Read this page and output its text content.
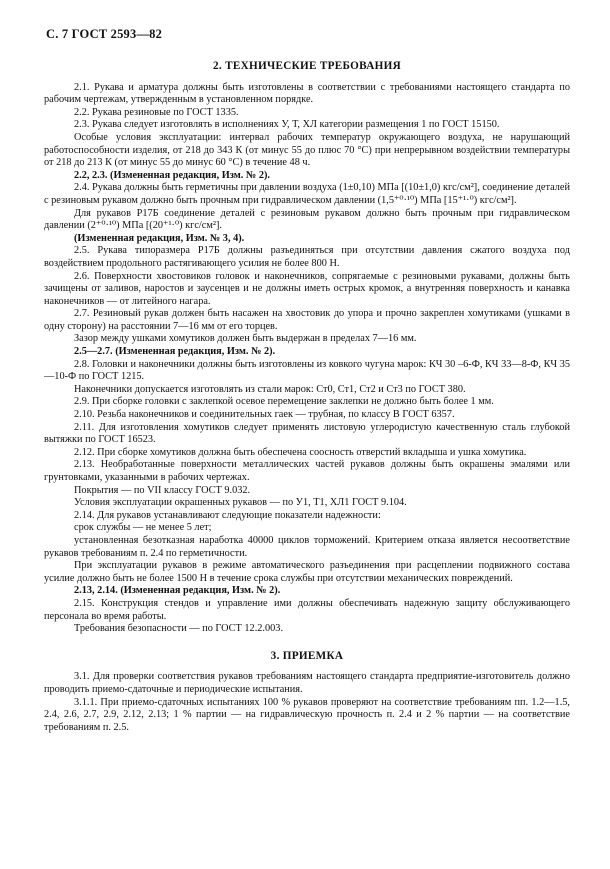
С. 7 ГОСТ 2593—82
2. ТЕХНИЧЕСКИЕ ТРЕБОВАНИЯ

2.1. Рукава и арматура должны быть изготовлены в соответствии с требованиями настоящего стандарта по рабочим чертежам, утвержденным в установленном порядке.

2.2. Рукава резиновые по ГОСТ 1335.

2.3. Рукава следует изготовлять в исполнениях У, Т, ХЛ категории размещения 1 по ГОСТ 15150.

Особые условия эксплуатации: интервал рабочих температур окружающего воздуха, не нарушающий работоспособности изделия, от 218 до 343 К (от минус 55 до плюс 70 °С) при непрерывном воздействии температуры от 218 до 213 К (от минус 55 до минус 60 °С) в течение 48 ч.

2.2, 2.3. (Измененная редакция, Изм. № 2).

2.4. Рукава должны быть герметичны при давлении воздуха (1±0,10) МПа [(10±1,0) кгс/см²], соединение деталей с резиновым рукавом должно быть прочным при гидравлическом давлении (1,5⁺⁰·¹⁰) МПа [15⁺¹·⁰) кгс/см²].

Для рукавов Р17Б соединение деталей с резиновым рукавом должно быть прочным при гидравлическом давлении (2⁺⁰·¹⁰) МПа [(20⁺¹·⁰) кгс/см²].

(Измененная редакция, Изм. № 3, 4).

2.5. Рукава типоразмера Р17Б должны разъединяться при отсутствии давления сжатого воздуха под воздействием продольного растягивающего усилия не более 800 Н.

2.6. Поверхности хвостовиков головок и наконечников, сопрягаемые с резиновыми рукавами, должны быть зачищены от заливов, наростов и заусенцев и не должны иметь острых кромок, а внутренняя поверхность и канавка наконечников — от литейного нагара.

2.7. Резиновый рукав должен быть насажен на хвостовик до упора и прочно закреплен хомутиками (ушками в одну сторону) на расстоянии 7—16 мм от его торцев.

Зазор между ушками хомутиков должен быть выдержан в пределах 7—16 мм.

2.5—2.7. (Измененная редакция, Изм. № 2).

2.8. Головки и наконечники должны быть изготовлены из ковкого чугуна марок: КЧ 30 –6-Ф, КЧ 33—8-Ф, КЧ 35—10-Ф по ГОСТ 1215.

Наконечники допускается изготовлять из стали марок: Ст0, Ст1, Ст2 и Ст3 по ГОСТ 380.

2.9. При сборке головки с заклепкой осевое перемещение заклепки не должно быть более 1 мм.

2.10. Резьба наконечников и соединительных гаек — трубная, по классу В ГОСТ 6357.

2.11. Для изготовления хомутиков следует применять листовую углеродистую качественную сталь глубокой вытяжки по ГОСТ 16523.

2.12. При сборке хомутиков должна быть обеспечена соосность отверстий вкладыша и ушка хомутика.

2.13. Необработанные поверхности металлических частей рукавов должны быть окрашены эмалями или грунтовками, указанными в рабочих чертежах.

Покрытия — по VII классу ГОСТ 9.032.

Условия эксплуатации окрашенных рукавов — по У1, Т1, ХЛ1 ГОСТ 9.104.

2.14. Для рукавов устанавливают следующие показатели надежности:

срок службы — не менее 5 лет;

установленная безотказная наработка 40000 циклов торможений. Критерием отказа является несоответствие рукавов требованиям п. 2.4 по герметичности.

При эксплуатации рукавов в режиме автоматического разъединения при расцеплении подвижного состава усилие должно быть не более 1500 Н в течение срока службы при отсутствии механических повреждений.

2.13, 2.14. (Измененная редакция, Изм. № 2).

2.15. Конструкция стендов и управление ими должны обеспечивать надежную защиту обслуживающего персонала во время работы.

Требования безопасности — по ГОСТ 12.2.003.

3. ПРИЕМКА

3.1. Для проверки соответствия рукавов требованиям настоящего стандарта предприятие-изготовитель должно проводить приемо-сдаточные и периодические испытания.

3.1.1. При приемо-сдаточных испытаниях 100 % рукавов проверяют на соответствие требованиям пп. 1.2—1.5, 2.4, 2.6, 2.7, 2.9, 2.12, 2.13; 1 % партии — на гидравлическую прочность п. 2.4 и 2 % партии — на соответствие требованиям п. 2.5.
